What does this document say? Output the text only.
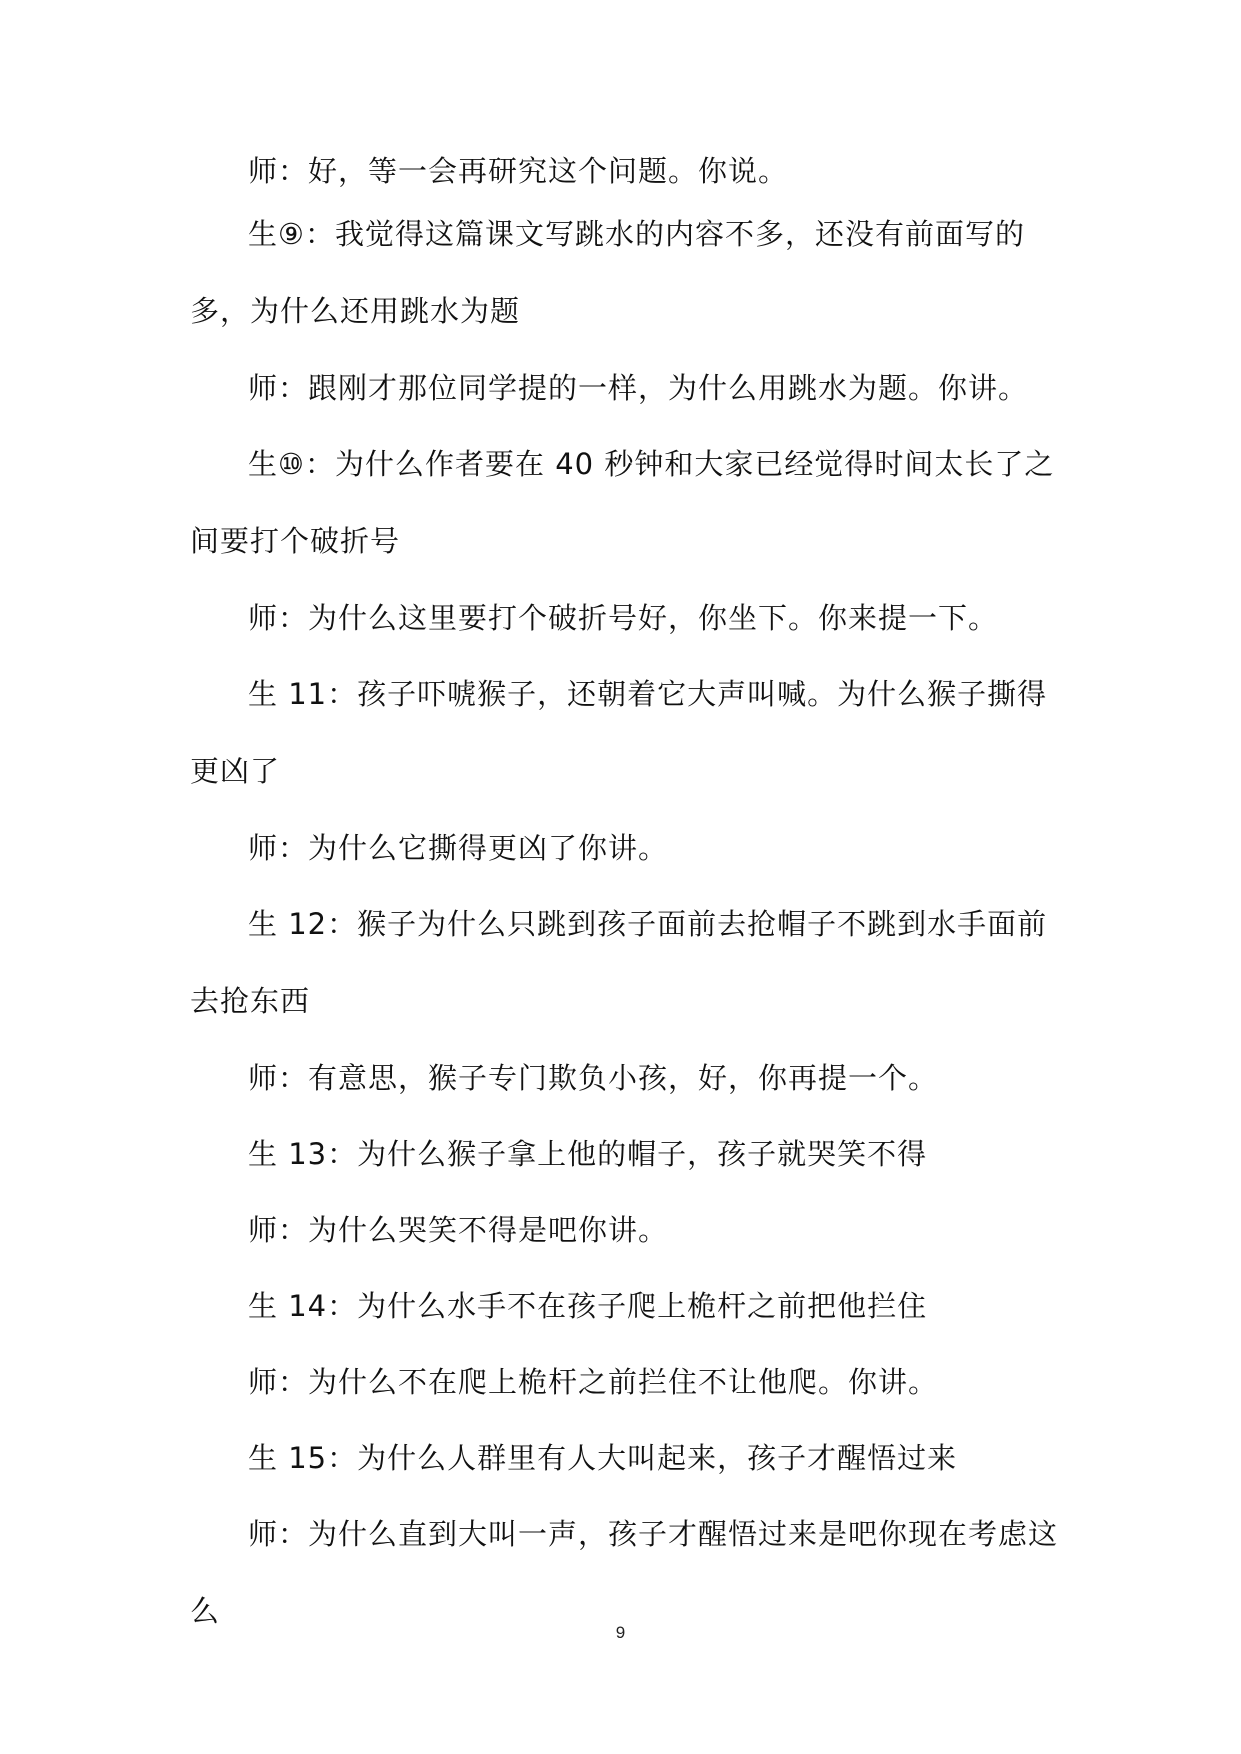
师：好，等一会再研究这个问题。你说。

生⑨：我觉得这篇课文写跳水的内容不多，还没有前面写的多，为什么还用跳水为题

师：跟刚才那位同学提的一样，为什么用跳水为题。你讲。

生⑩：为什么作者要在 40 秒钟和大家已经觉得时间太长了之间要打个破折号

师：为什么这里要打个破折号好，你坐下。你来提一下。

生 11：孩子吓唬猴子，还朝着它大声叫喊。为什么猴子撕得更凶了

师：为什么它撕得更凶了你讲。

生 12：猴子为什么只跳到孩子面前去抢帽子不跳到水手面前去抢东西

师：有意思，猴子专门欺负小孩，好，你再提一个。

生 13：为什么猴子拿上他的帽子，孩子就哭笑不得

师：为什么哭笑不得是吧你讲。

生 14：为什么水手不在孩子爬上桅杆之前把他拦住

师：为什么不在爬上桅杆之前拦住不让他爬。你讲。

生 15：为什么人群里有人大叫起来，孩子才醒悟过来

师：为什么直到大叫一声，孩子才醒悟过来是吧你现在考虑这么

9
